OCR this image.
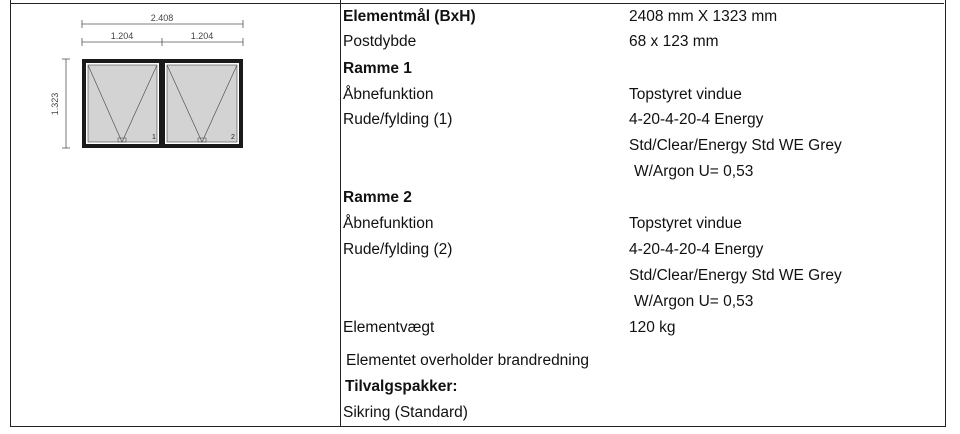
2.408
1.204	1.204
1.323
1	2
Elementmål (BxH)	2408 mm X 1323 mm
Postdybde	68 x 123 mm
Ramme 1
Åbnefunktion	Topstyret vindue
Rude/fylding (1)	4-20-4-20-4 Energy
Std/Clear/Energy Std WE Grey
W/Argon U= 0,53
Ramme 2
Åbnefunktion	Topstyret vindue
Rude/fylding (2)	4-20-4-20-4 Energy
Std/Clear/Energy Std WE Grey
W/Argon U= 0,53
Elementvægt	120 kg
Elementet overholder brandredning
Tilvalgspakker:
Sikring (Standard)
